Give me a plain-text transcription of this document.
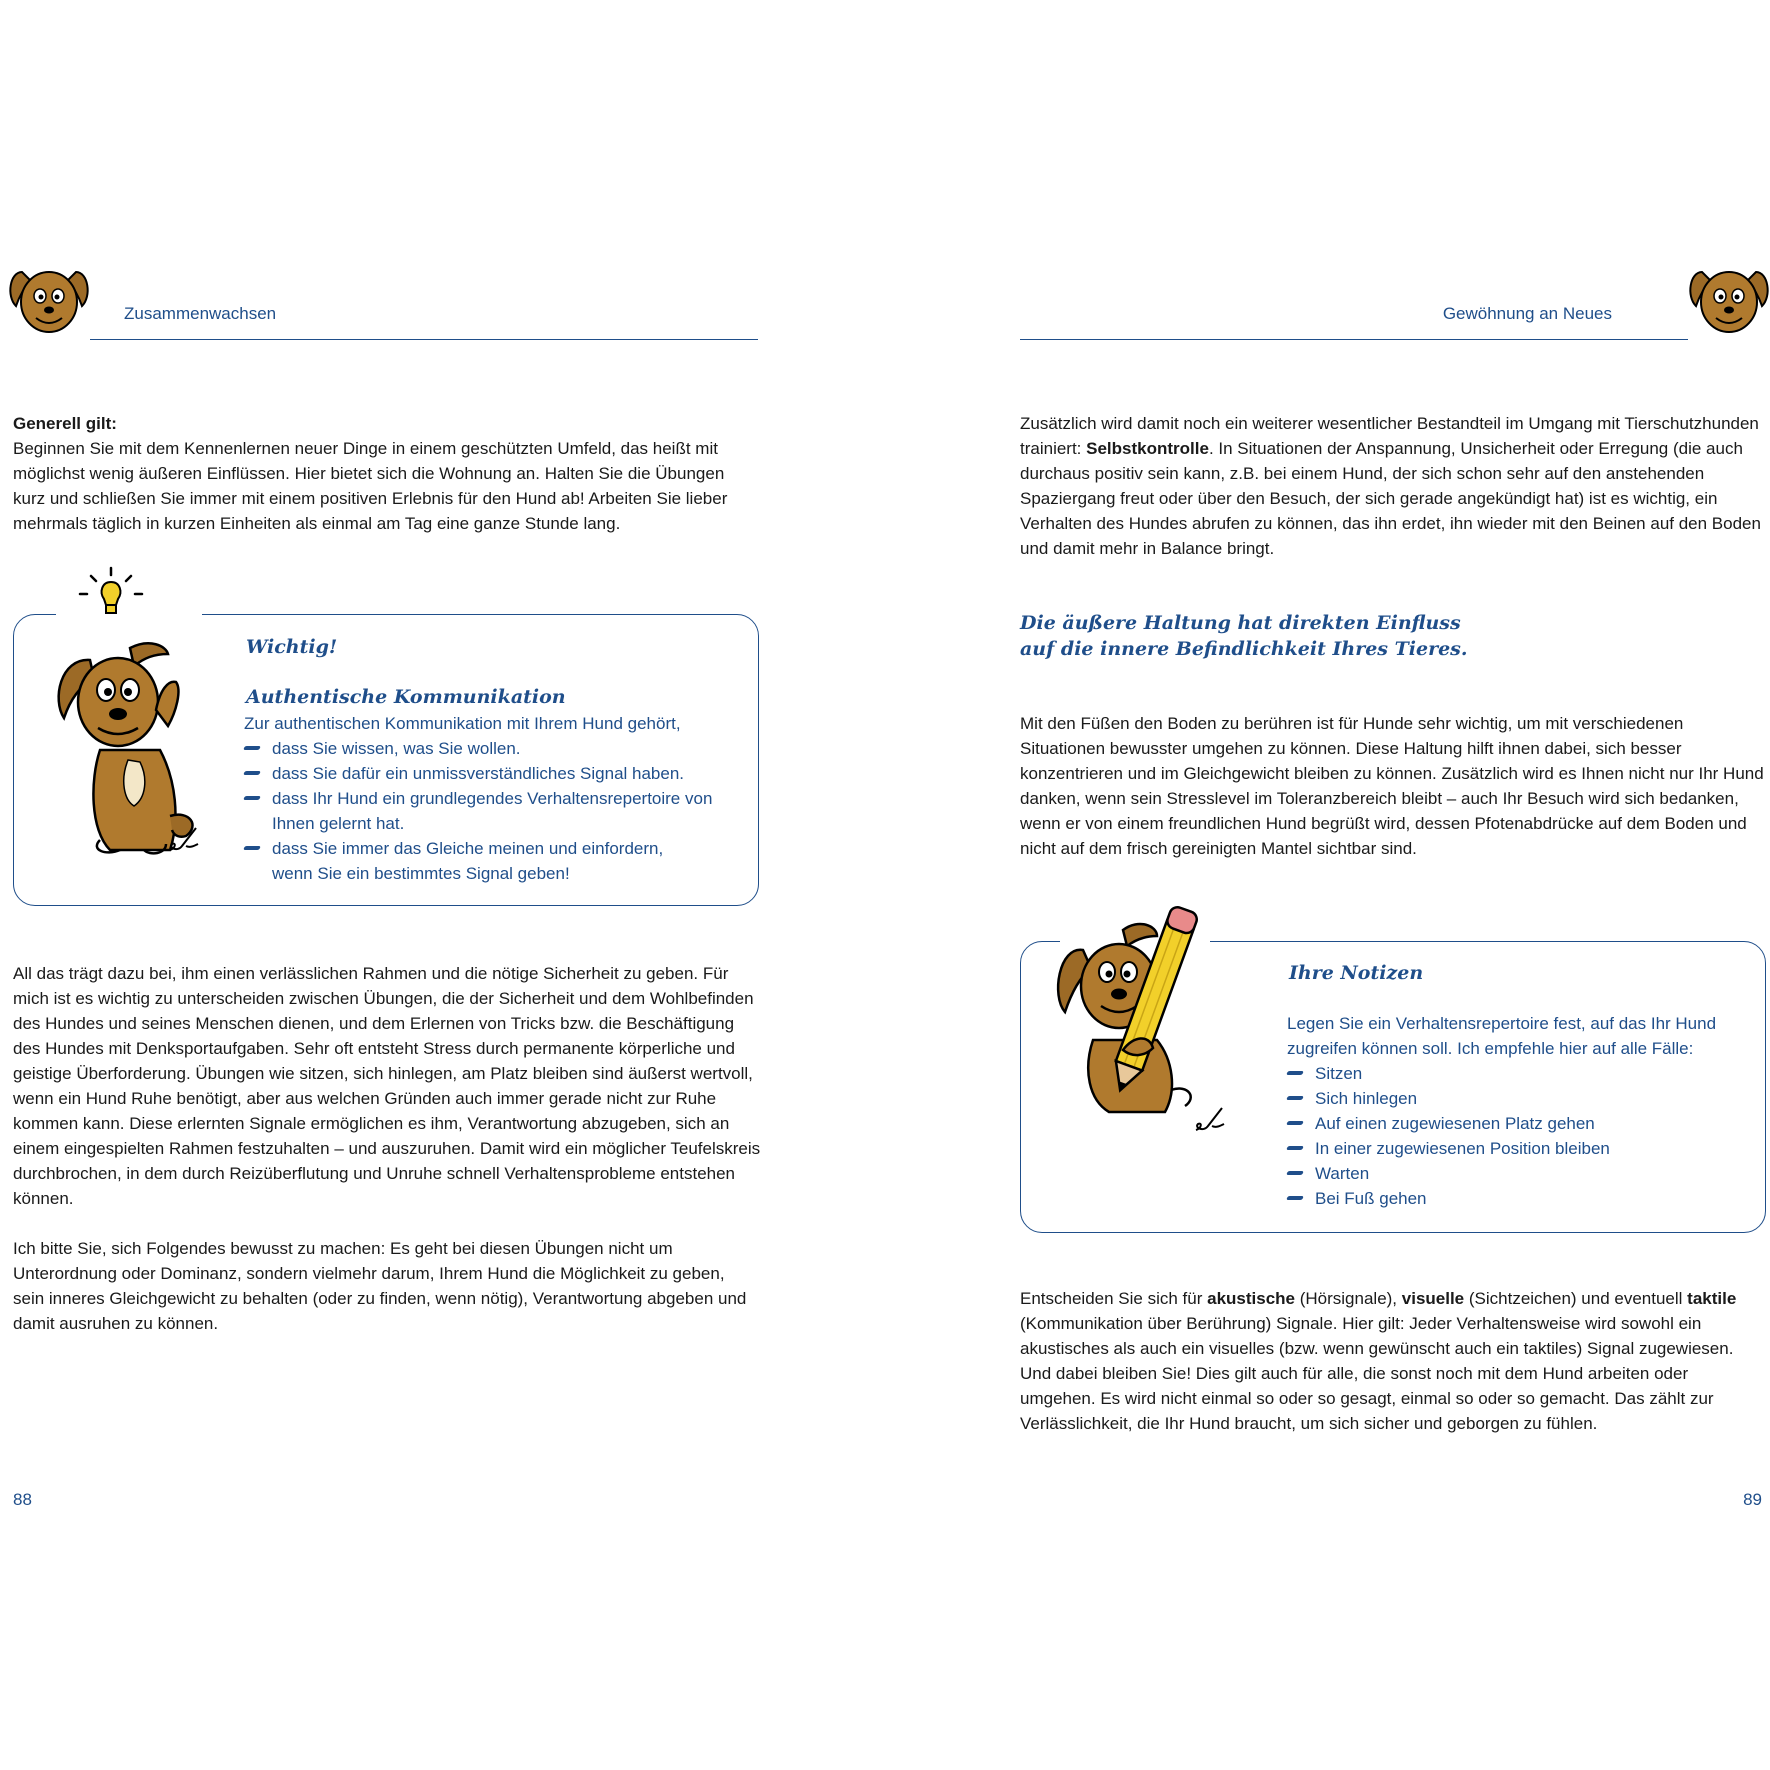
Zusammenwachsen

Generell gilt:

Beginnen Sie mit dem Kennenlernen neuer Dinge in einem geschützten Umfeld, das heißt mit möglichst wenig äußeren Einflüssen. Hier bietet sich die Wohnung an. Halten Sie die Übungen kurz und schließen Sie immer mit einem positiven Erlebnis für den Hund ab! Arbeiten Sie lieber mehrmals täglich in kurzen Einheiten als einmal am Tag eine ganze Stunde lang.

Wichtig!
Authentische Kommunikation
Zur authentischen Kommunikation mit Ihrem Hund gehört,
dass Sie wissen, was Sie wollen.
dass Sie dafür ein unmissverständliches Signal haben.
dass Ihr Hund ein grundlegendes Verhaltensrepertoire von Ihnen gelernt hat.
dass Sie immer das Gleiche meinen und einfordern, wenn Sie ein bestimmtes Signal geben!

All das trägt dazu bei, ihm einen verlässlichen Rahmen und die nötige Sicherheit zu geben. Für mich ist es wichtig zu unterscheiden zwischen Übungen, die der Sicherheit und dem Wohlbefinden des Hundes und seines Menschen dienen, und dem Erlernen von Tricks bzw. die Beschäftigung des Hundes mit Denksportaufgaben. Sehr oft entsteht Stress durch permanente körperliche und geistige Überforderung. Übungen wie sitzen, sich hinlegen, am Platz bleiben sind äußerst wertvoll, wenn ein Hund Ruhe benötigt, aber aus welchen Gründen auch immer gerade nicht zur Ruhe kommen kann. Diese erlernten Signale ermöglichen es ihm, Verantwortung abzugeben, sich an einem eingespielten Rahmen festzuhalten – und auszuruhen. Damit wird ein möglicher Teufelskreis durchbrochen, in dem durch Reizüberflutung und Unruhe schnell Verhaltensprobleme entstehen können.

Ich bitte Sie, sich Folgendes bewusst zu machen: Es geht bei diesen Übungen nicht um Unterordnung oder Dominanz, sondern vielmehr darum, Ihrem Hund die Möglichkeit zu geben, sein inneres Gleichgewicht zu behalten (oder zu finden, wenn nötig), Verantwortung abgeben und damit ausruhen zu können.

88
Gewöhnung an Neues

Zusätzlich wird damit noch ein weiterer wesentlicher Bestandteil im Umgang mit Tierschutzhunden trainiert: Selbstkontrolle. In Situationen der Anspannung, Unsicherheit oder Erregung (die auch durchaus positiv sein kann, z.B. bei einem Hund, der sich schon sehr auf den anstehenden Spaziergang freut oder über den Besuch, der sich gerade angekündigt hat) ist es wichtig, ein Verhalten des Hundes abrufen zu können, das ihn erdet, ihn wieder mit den Beinen auf den Boden und damit mehr in Balance bringt.

Die äußere Haltung hat direkten Einfluss
auf die innere Befindlichkeit Ihres Tieres.

Mit den Füßen den Boden zu berühren ist für Hunde sehr wichtig, um mit verschiedenen Situationen bewusster umgehen zu können. Diese Haltung hilft ihnen dabei, sich besser konzentrieren und im Gleichgewicht bleiben zu können. Zusätzlich wird es Ihnen nicht nur Ihr Hund danken, wenn sein Stresslevel im Toleranzbereich bleibt – auch Ihr Besuch wird sich bedanken, wenn er von einem freundlichen Hund begrüßt wird, dessen Pfotenabdrücke auf dem Boden und nicht auf dem frisch gereinigten Mantel sichtbar sind.

Ihre Notizen
Legen Sie ein Verhaltensrepertoire fest, auf das Ihr Hund zugreifen können soll. Ich empfehle hier auf alle Fälle:
Sitzen
Sich hinlegen
Auf einen zugewiesenen Platz gehen
In einer zugewiesenen Position bleiben
Warten
Bei Fuß gehen

Entscheiden Sie sich für akustische (Hörsignale), visuelle (Sichtzeichen) und eventuell taktile (Kommunikation über Berührung) Signale. Hier gilt: Jeder Verhaltensweise wird sowohl ein akustisches als auch ein visuelles (bzw. wenn gewünscht auch ein taktiles) Signal zugewiesen. Und dabei bleiben Sie! Dies gilt auch für alle, die sonst noch mit dem Hund arbeiten oder umgehen. Es wird nicht einmal so oder so gesagt, einmal so oder so gemacht. Das zählt zur Verlässlichkeit, die Ihr Hund braucht, um sich sicher und geborgen zu fühlen.

89
